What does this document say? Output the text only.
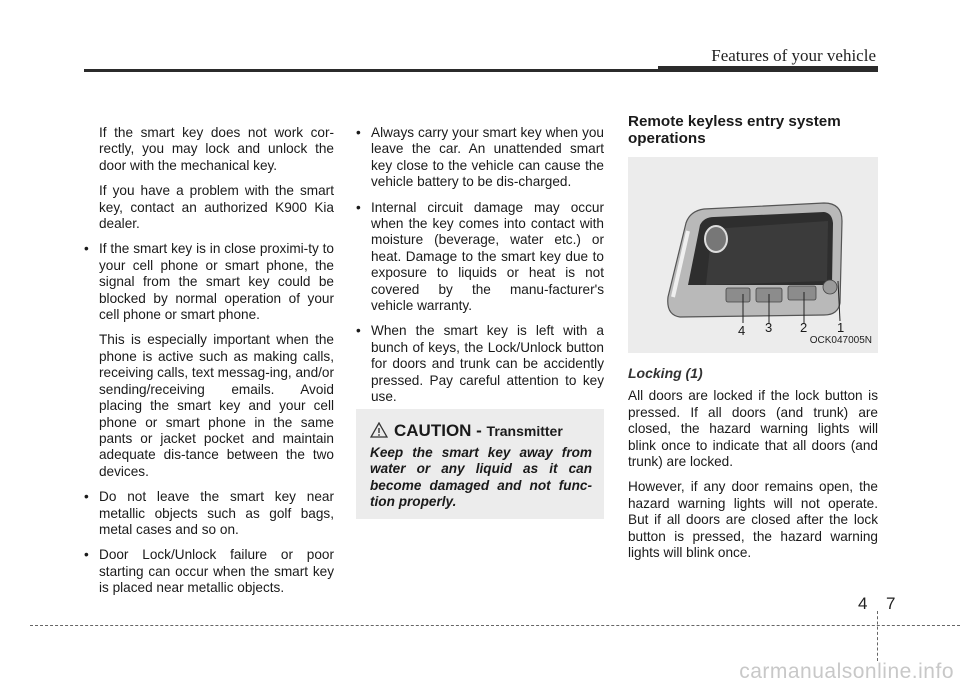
Features of your vehicle

If the smart key does not work cor-rectly, you may lock and unlock the door with the mechanical key.

If you have a problem with the smart key, contact an authorized K900 Kia dealer.

• If the smart key is in close proximi-ty to your cell phone or smart phone, the signal from the smart key could be blocked by normal operation of your cell phone or smart phone.
This is especially important when the phone is active such as making calls, receiving calls, text messag-ing, and/or sending/receiving emails. Avoid placing the smart key and your cell phone or smart phone in the same pants or jacket pocket and maintain adequate dis-tance between the two devices.
• Do not leave the smart key near metallic objects such as golf bags, metal cases and so on.
• Door Lock/Unlock failure or poor starting can occur when the smart key is placed near metallic objects.
• Always carry your smart key when you leave the car. An unattended smart key close to the vehicle can cause the vehicle battery to be dis-charged.
• Internal circuit damage may occur when the key comes into contact with moisture (beverage, water etc.) or heat. Damage to the smart key due to exposure to liquids or heat is not covered by the manu-facturer's vehicle warranty.
• When the smart key is left with a bunch of keys, the Lock/Unlock button for doors and trunk can be accidently pressed. Pay careful attention to key use.
CAUTION - Transmitter
Keep the smart key away from water or any liquid as it can become damaged and not func-tion properly.
Remote keyless entry system operations
4 3 2 1
OCK047005N
Locking (1)

All doors are locked if the lock button is pressed. If all doors (and trunk) are closed, the hazard warning lights will blink once to indicate that all doors (and trunk) are locked.

However, if any door remains open, the hazard warning lights will not operate. But if all doors are closed after the lock button is pressed, the hazard warning lights will blink once.

4 7
carmanualsonline.info
